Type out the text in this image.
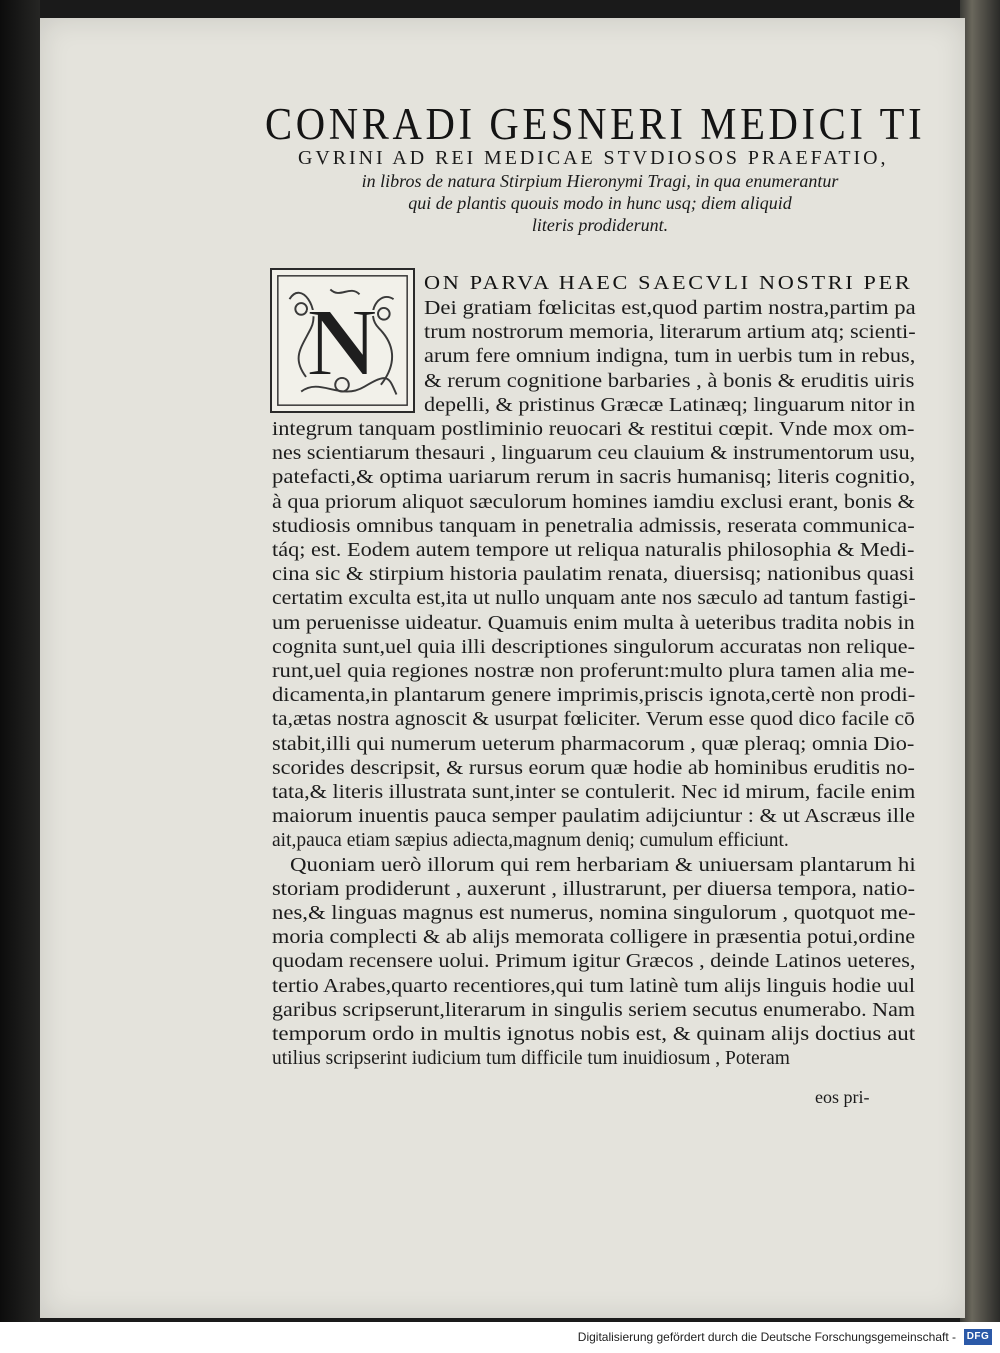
CONRADI GESNERI MEDICI TI
GVRINI AD REI MEDICAE STVDIOSOS PRAEFATIO,
in libros de natura Stirpium Hieronymi Tragi, in qua enumerantur
qui de plantis quouis modo in hunc usq; diem aliquid
literis prodiderunt.
N
ON PARVA HAEC SAECVLI NOSTRI PER
Dei gratiam fœlicitas est,quod partim nostra,partim pa
trum nostrorum memoria, literarum artium atq; scienti-
arum fere omnium indigna, tum in uerbis tum in rebus,
& rerum cognitione barbaries , à bonis & eruditis uiris
depelli, & pristinus Græcæ Latinæq; linguarum nitor in
integrum tanquam postliminio reuocari & restitui cœpit. Vnde mox om-
nes scientiarum thesauri , linguarum ceu clauium & instrumentorum usu,
patefacti,& optima uariarum rerum in sacris humanisq; literis cognitio,
à qua priorum aliquot sæculorum homines iamdiu exclusi erant, bonis &
studiosis omnibus tanquam in penetralia admissis, reserata communica-
táq; est. Eodem autem tempore ut reliqua naturalis philosophia & Medi-
cina sic & stirpium historia paulatim renata, diuersisq; nationibus quasi
certatim exculta est,ita ut nullo unquam ante nos sæculo ad tantum fastigi-
um peruenisse uideatur. Quamuis enim multa à ueteribus tradita nobis in
cognita sunt,uel quia illi descriptiones singulorum accuratas non relique-
runt,uel quia regiones nostræ non proferunt:multo plura tamen alia me-
dicamenta,in plantarum genere imprimis,priscis ignota,certè non prodi-
ta,ætas nostra agnoscit & usurpat fœliciter. Verum esse quod dico facile cō
stabit,illi qui numerum ueterum pharmacorum , quæ pleraq; omnia Dio-
scorides descripsit, & rursus eorum quæ hodie ab hominibus eruditis no-
tata,& literis illustrata sunt,inter se contulerit. Nec id mirum, facile enim
maiorum inuentis pauca semper paulatim adijciuntur : & ut Ascræus ille
ait,pauca etiam sæpius adiecta,magnum deniq; cumulum efficiunt.
Quoniam uerò illorum qui rem herbariam & uniuersam plantarum hi
storiam prodiderunt , auxerunt , illustrarunt, per diuersa tempora, natio-
nes,& linguas magnus est numerus, nomina singulorum , quotquot me-
moria complecti & ab alijs memorata colligere in præsentia potui,ordine
quodam recensere uolui. Primum igitur Græcos , deinde Latinos ueteres,
tertio Arabes,quarto recentiores,qui tum latinè tum alijs linguis hodie uul
garibus scripserunt,literarum in singulis seriem secutus enumerabo. Nam
temporum ordo in multis ignotus nobis est, & quinam alijs doctius aut
utilius scripserint iudicium tum difficile tum inuidiosum , Poteram
eos pri-
Digitalisierung gefördert durch die Deutsche Forschungsgemeinschaft - DFG
